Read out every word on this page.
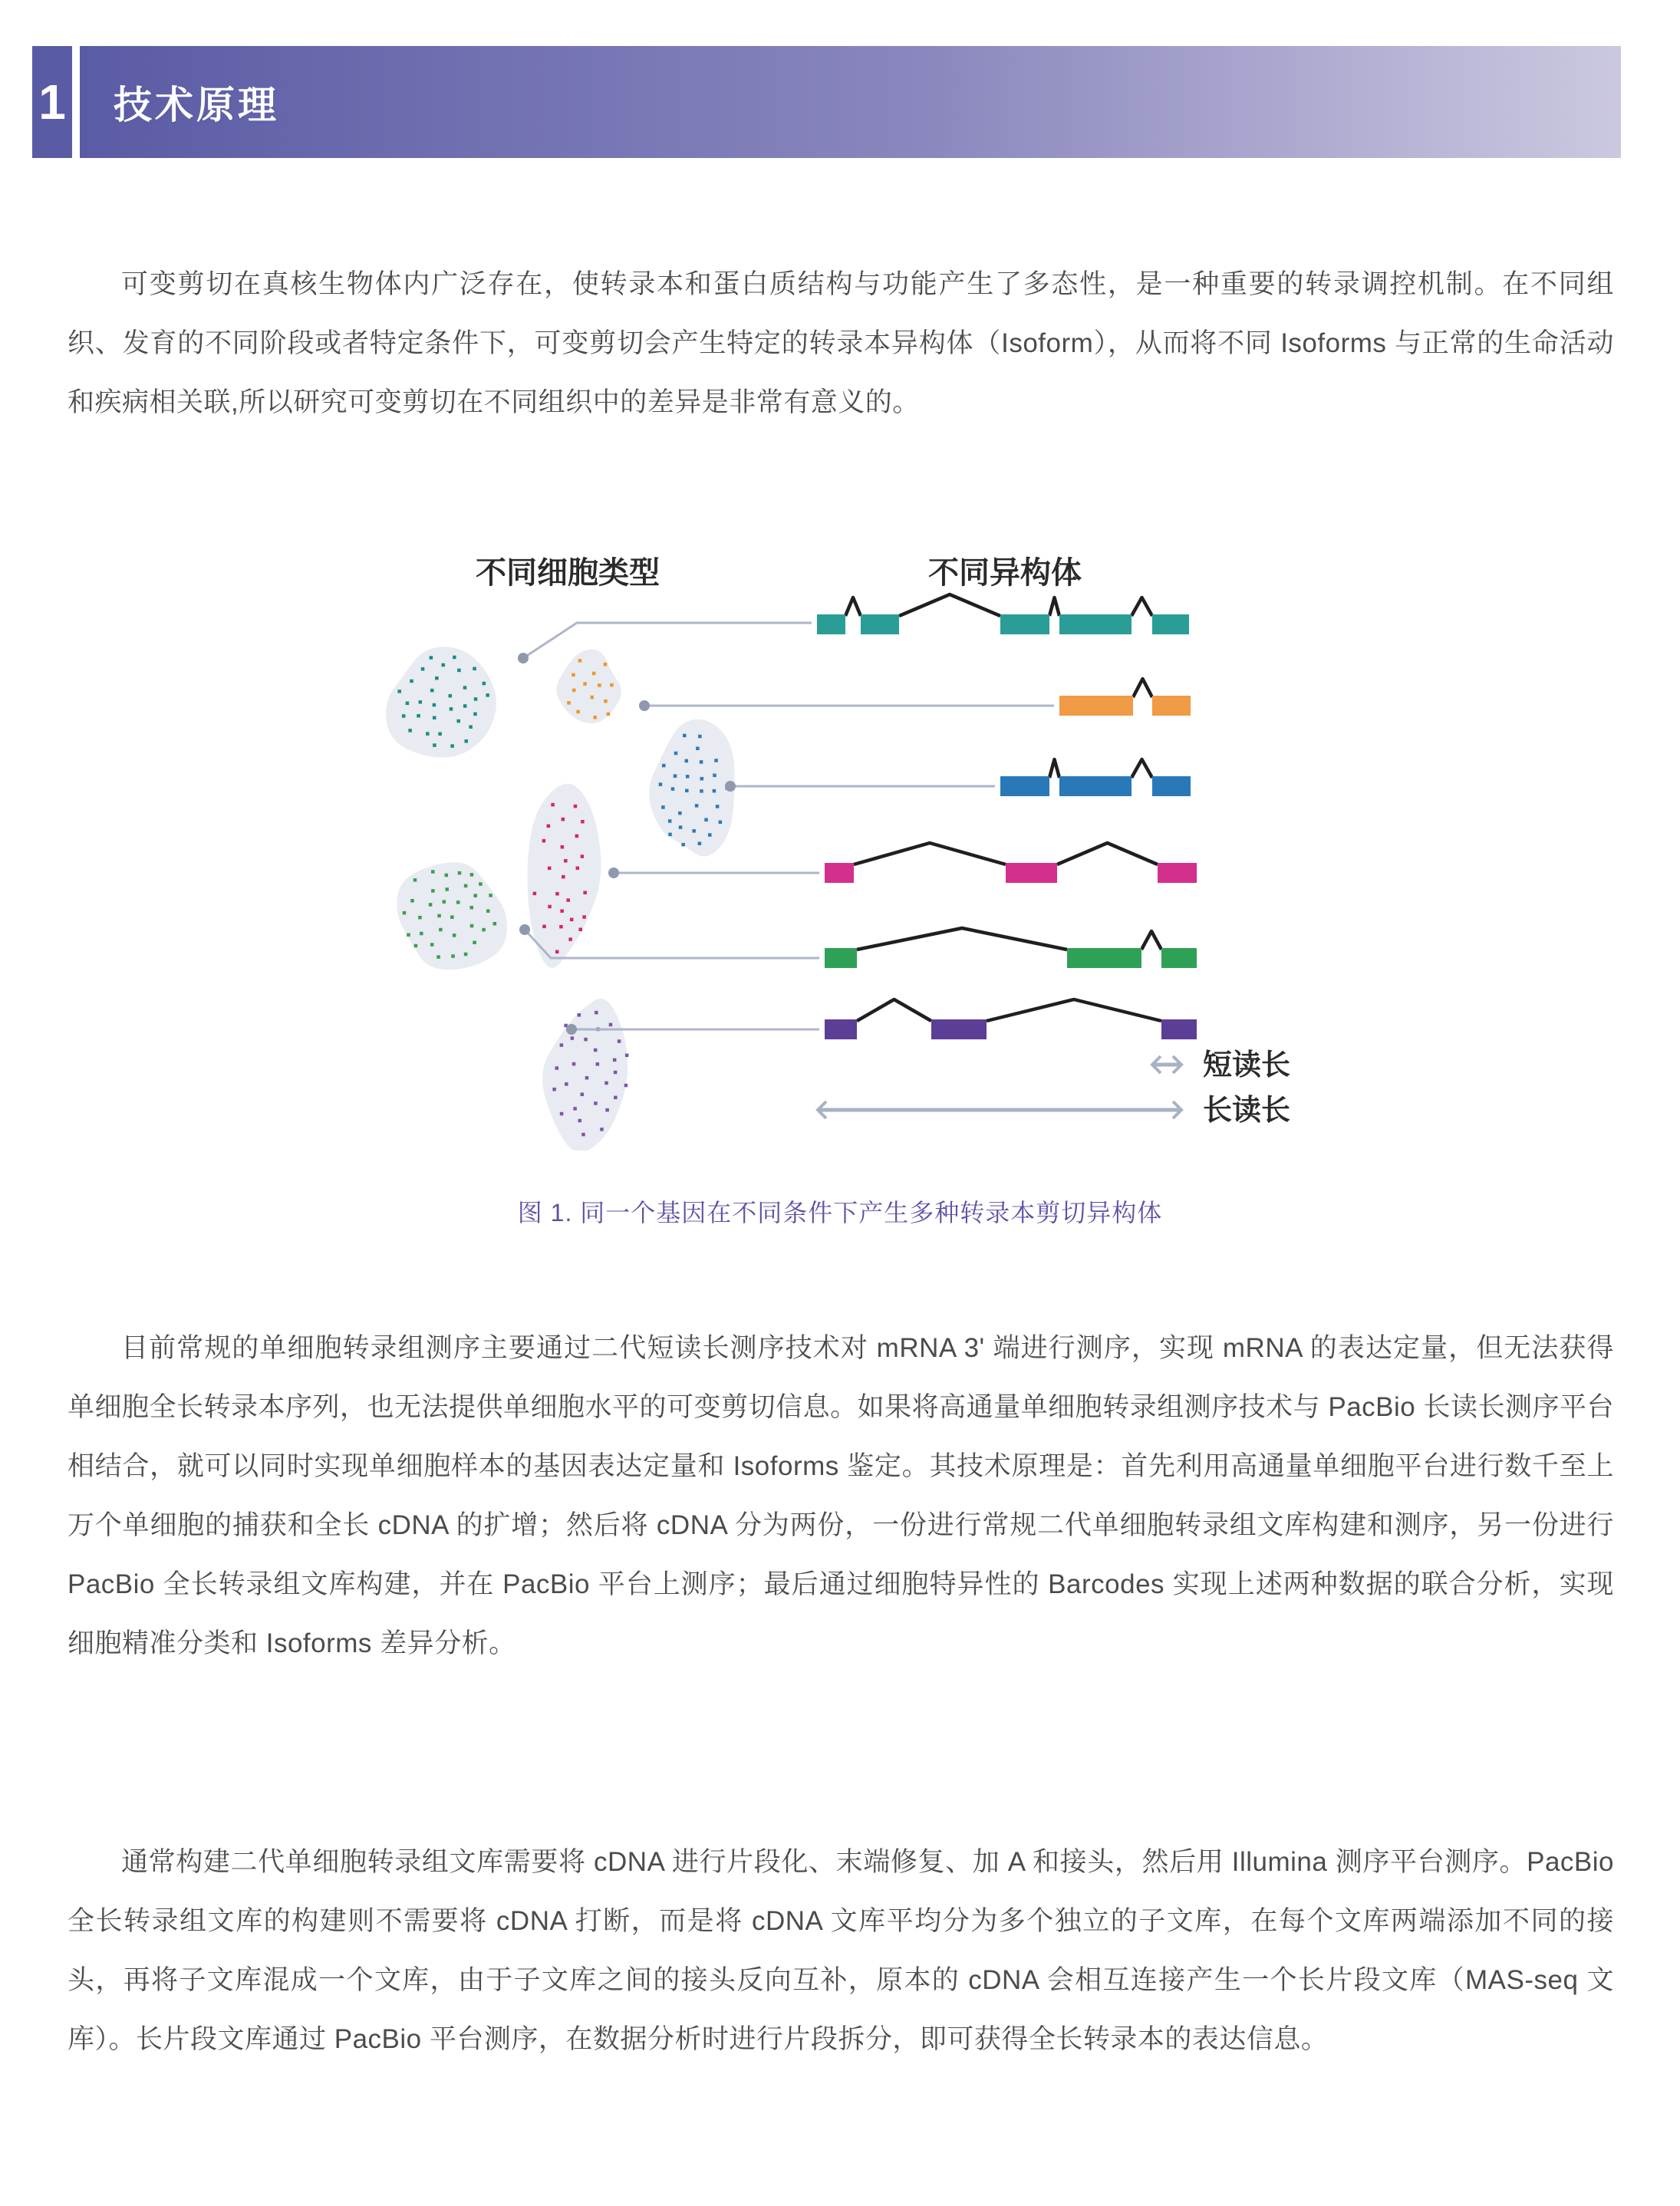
1 技术原理
可变剪切在真核生物体内广泛存在，使转录本和蛋白质结构与功能产生了多态性，是一种重要的转录调控机制。在不同组织、发育的不同阶段或者特定条件下，可变剪切会产生特定的转录本异构体（Isoform），从而将不同 Isoforms 与正常的生命活动和疾病相关联,所以研究可变剪切在不同组织中的差异是非常有意义的。
不同细胞类型	不同异构体
短读长
长读长
图 1. 同一个基因在不同条件下产生多种转录本剪切异构体
目前常规的单细胞转录组测序主要通过二代短读长测序技术对 mRNA 3' 端进行测序，实现 mRNA 的表达定量，但无法获得单细胞全长转录本序列，也无法提供单细胞水平的可变剪切信息。如果将高通量单细胞转录组测序技术与 PacBio 长读长测序平台相结合，就可以同时实现单细胞样本的基因表达定量和 Isoforms 鉴定。其技术原理是：首先利用高通量单细胞平台进行数千至上万个单细胞的捕获和全长 cDNA 的扩增；然后将 cDNA 分为两份，一份进行常规二代单细胞转录组文库构建和测序，另一份进行 PacBio 全长转录组文库构建，并在 PacBio 平台上测序；最后通过细胞特异性的 Barcodes 实现上述两种数据的联合分析，实现细胞精准分类和 Isoforms 差异分析。
通常构建二代单细胞转录组文库需要将 cDNA 进行片段化、末端修复、加 A 和接头，然后用 Illumina 测序平台测序。PacBio 全长转录组文库的构建则不需要将 cDNA 打断，而是将 cDNA 文库平均分为多个独立的子文库，在每个文库两端添加不同的接头，再将子文库混成一个文库，由于子文库之间的接头反向互补，原本的 cDNA 会相互连接产生一个长片段文库（MAS-seq 文库）。长片段文库通过 PacBio 平台测序，在数据分析时进行片段拆分，即可获得全长转录本的表达信息。
